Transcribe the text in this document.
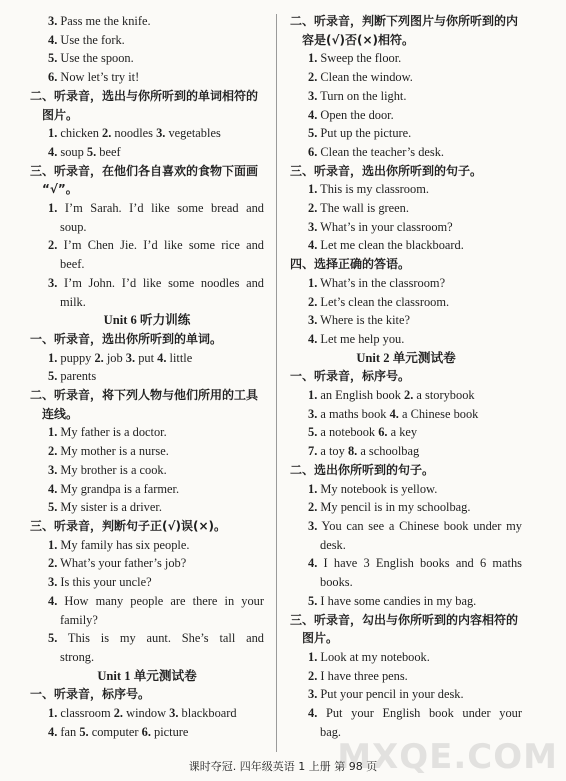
3. Pass me the knife.
4. Use the fork.
5. Use the spoon.
6. Now let’s try it!
二、听录音，选出与你所听到的单词相符的
图片。
1. chicken 2. noodles 3. vegetables
4. soup 5. beef
三、听录音，在他们各自喜欢的食物下面画
“√”。
1. I’m Sarah. I’d like some bread and
soup.
2. I’m Chen Jie. I’d like some rice and
beef.
3. I’m John. I’d like some noodles and
milk.
Unit 6 听力训练
一、听录音，选出你所听到的单词。
1. puppy 2. job 3. put 4. little
5. parents
二、听录音，将下列人物与他们所用的工具
连线。
1. My father is a doctor.
2. My mother is a nurse.
3. My brother is a cook.
4. My grandpa is a farmer.
5. My sister is a driver.
三、听录音，判断句子正(√)误(×)。
1. My family has six people.
2. What’s your father’s job?
3. Is this your uncle?
4. How many people are there in your
family?
5. This is my aunt. She’s tall and
strong.
Unit 1 单元测试卷
一、听录音，标序号。
1. classroom 2. window 3. blackboard
4. fan 5. computer 6. picture
二、听录音，判断下列图片与你所听到的内
容是(√)否(×)相符。
1. Sweep the floor.
2. Clean the window.
3. Turn on the light.
4. Open the door.
5. Put up the picture.
6. Clean the teacher’s desk.
三、听录音，选出你所听到的句子。
1. This is my classroom.
2. The wall is green.
3. What’s in your classroom?
4. Let me clean the blackboard.
四、选择正确的答语。
1. What’s in the classroom?
2. Let’s clean the classroom.
3. Where is the kite?
4. Let me help you.
Unit 2 单元测试卷
一、听录音，标序号。
1. an English book 2. a storybook
3. a maths book 4. a Chinese book
5. a notebook 6. a key
7. a toy 8. a schoolbag
二、选出你所听到的句子。
1. My notebook is yellow.
2. My pencil is in my schoolbag.
3. You can see a Chinese book under my
desk.
4. I have 3 English books and 6 maths
books.
5. I have some candies in my bag.
三、听录音，勾出与你所听到的内容相符的
图片。
1. Look at my notebook.
2. I have three pens.
3. Put your pencil in your desk.
4. Put your English book under your
bag.
课时夺冠. 四年级英语 1 上册 第 98 页
MXQE.COM
